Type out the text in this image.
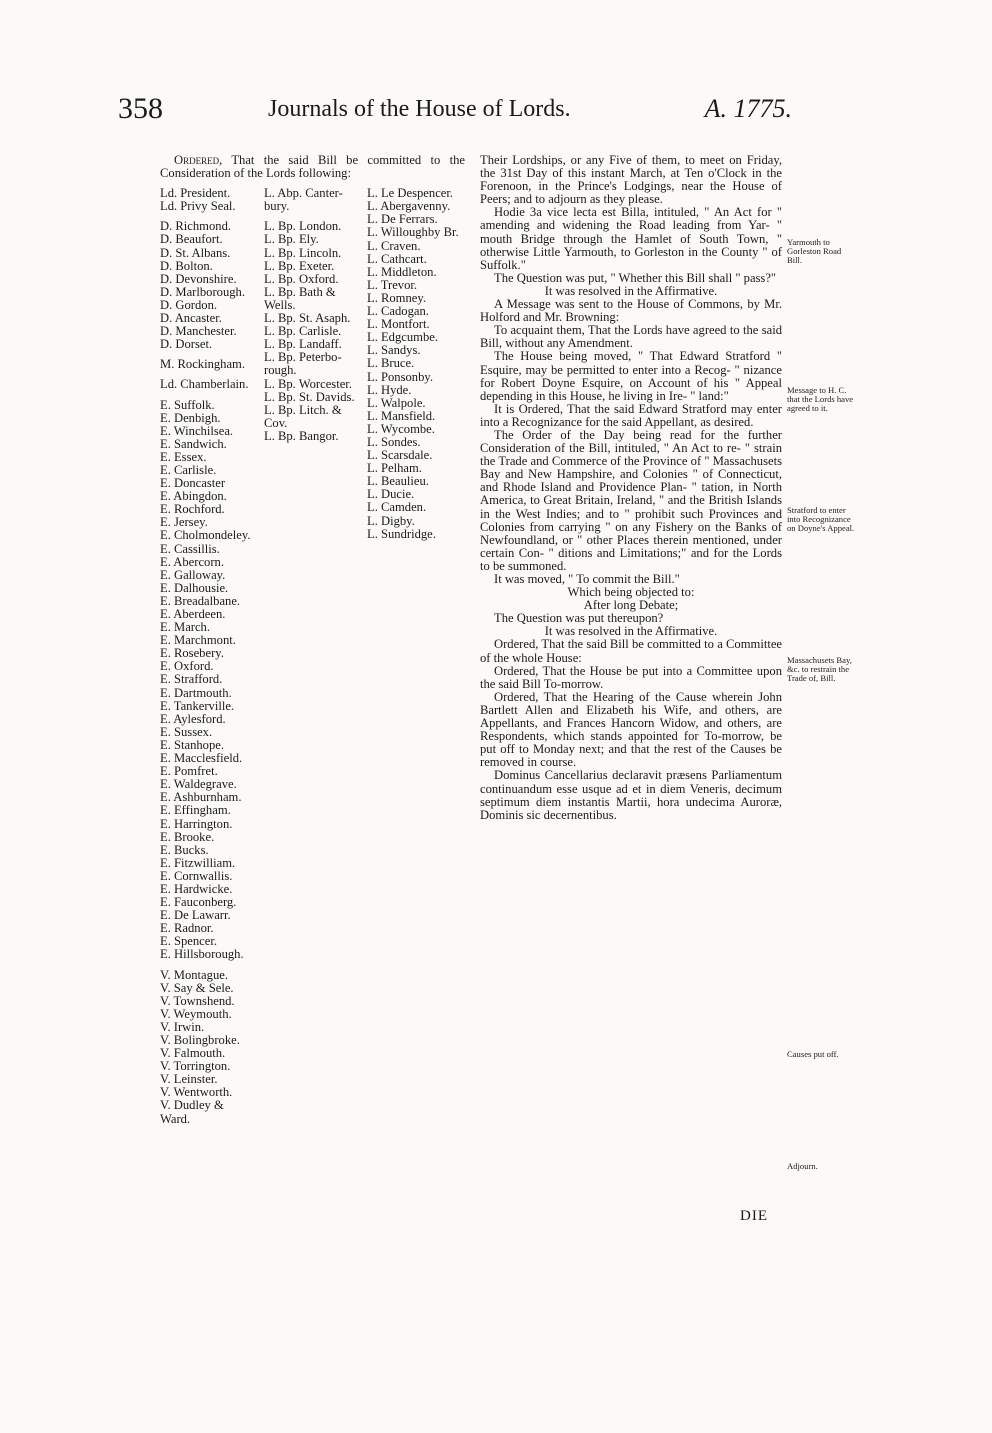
358	Journals of the House of Lords.	A. 1775.

Ordered, That the said Bill be committed to the Consideration of the Lords following:

Ld. President.
Ld. Privy Seal.
D. Richmond.
D. Beaufort.
D. St. Albans.
D. Bolton.
D. Devonshire.
D. Marlborough.
D. Gordon.
D. Ancaster.
D. Manchester.
D. Dorset.
M. Rockingham.
Ld. Chamberlain.
E. Suffolk.
E. Denbigh.
E. Winchilsea.
E. Sandwich.
E. Essex.
E. Carlisle.
E. Doncaster
E. Abingdon.
E. Rochford.
E. Jersey.
E. Cholmondeley.
E. Cassillis.
E. Abercorn.
E. Galloway.
E. Dalhousie.
E. Breadalbane.
E. Aberdeen.
E. March.
E. Marchmont.
E. Rosebery.
E. Oxford.
E. Strafford.
E. Dartmouth.
E. Tankerville.
E. Aylesford.
E. Sussex.
E. Stanhope.
E. Macclesfield.
E. Pomfret.
E. Waldegrave.
E. Ashburnham.
E. Effingham.
E. Harrington.
E. Brooke.
E. Bucks.
E. Fitzwilliam.
E. Cornwallis.
E. Hardwicke.
E. Fauconberg.
E. De Lawarr.
E. Radnor.
E. Spencer.
E. Hillsborough.
V. Montague.
V. Say & Sele.
V. Townshend.
V. Weymouth.
V. Irwin.
V. Bolingbroke.
V. Falmouth.
V. Torrington.
V. Leinster.
V. Wentworth.
V. Dudley &
Ward.
L. Abp. Canter-
bury.
L. Bp. London.
L. Bp. Ely.
L. Bp. Lincoln.
L. Bp. Exeter.
L. Bp. Oxford.
L. Bp. Bath &
Wells.
L. Bp. St. Asaph.
L. Bp. Carlisle.
L. Bp. Landaff.
L. Bp. Peterbo-
rough.
L. Bp. Worcester.
L. Bp. St. Davids.
L. Bp. Litch. &
Cov.
L. Bp. Bangor.
L. Le Despencer.
L. Abergavenny.
L. De Ferrars.
L. Willoughby Br.
L. Craven.
L. Cathcart.
L. Middleton.
L. Trevor.
L. Romney.
L. Cadogan.
L. Montfort.
L. Edgcumbe.
L. Sandys.
L. Bruce.
L. Ponsonby.
L. Hyde.
L. Walpole.
L. Mansfield.
L. Wycombe.
L. Sondes.
L. Scarsdale.
L. Pelham.
L. Beaulieu.
L. Ducie.
L. Camden.
L. Digby.
L. Sundridge.

Their Lordships, or any Five of them, to meet on Friday, the 31st Day of this instant March, at Ten o'Clock in the Forenoon, in the Prince's Lodgings, near the House of Peers; and to adjourn as they please.

Hodie 3a vice lecta est Billa, intituled, " An Act for " amending and widening the Road leading from Yar- " mouth Bridge through the Hamlet of South Town, " otherwise Little Yarmouth, to Gorleston in the County " of Suffolk."

The Question was put, " Whether this Bill shall " pass?"

It was resolved in the Affirmative.

A Message was sent to the House of Commons, by Mr. Holford and Mr. Browning:

To acquaint them, That the Lords have agreed to the said Bill, without any Amendment.

The House being moved, " That Edward Stratford " Esquire, may be permitted to enter into a Recog- " nizance for Robert Doyne Esquire, on Account of his " Appeal depending in this House, he living in Ire- " land:"

It is Ordered, That the said Edward Stratford may enter into a Recognizance for the said Appellant, as desired.

The Order of the Day being read for the further Consideration of the Bill, intituled, " An Act to re- " strain the Trade and Commerce of the Province of " Massachusets Bay and New Hampshire, and Colonies " of Connecticut, and Rhode Island and Providence Plan- " tation, in North America, to Great Britain, Ireland, " and the British Islands in the West Indies; and to " prohibit such Provinces and Colonies from carrying " on any Fishery on the Banks of Newfoundland, or " other Places therein mentioned, under certain Con- " ditions and Limitations;" and for the Lords to be summoned.

It was moved, " To commit the Bill."

Which being objected to:

After long Debate;

The Question was put thereupon?

It was resolved in the Affirmative.

Ordered, That the said Bill be committed to a Committee of the whole House:

Ordered, That the House be put into a Committee upon the said Bill To-morrow.

Ordered, That the Hearing of the Cause wherein John Bartlett Allen and Elizabeth his Wife, and others, are Appellants, and Frances Hancorn Widow, and others, are Respondents, which stands appointed for To-morrow, be put off to Monday next; and that the rest of the Causes be removed in course.

Dominus Cancellarius declaravit præsens Parliamentum continuandum esse usque ad et in diem Veneris, decimum septimum diem instantis Martii, hora undecima Auroræ, Dominis sic decernentibus.

Yarmouth to Gorleston Road Bill.
Message to H. C. that the Lords have agreed to it.
Stratford to enter into Recognizance on Doyne's Appeal.
Massachusets Bay, &c. to restrain the Trade of, Bill.
Causes put off.
Adjourn.
DIE
